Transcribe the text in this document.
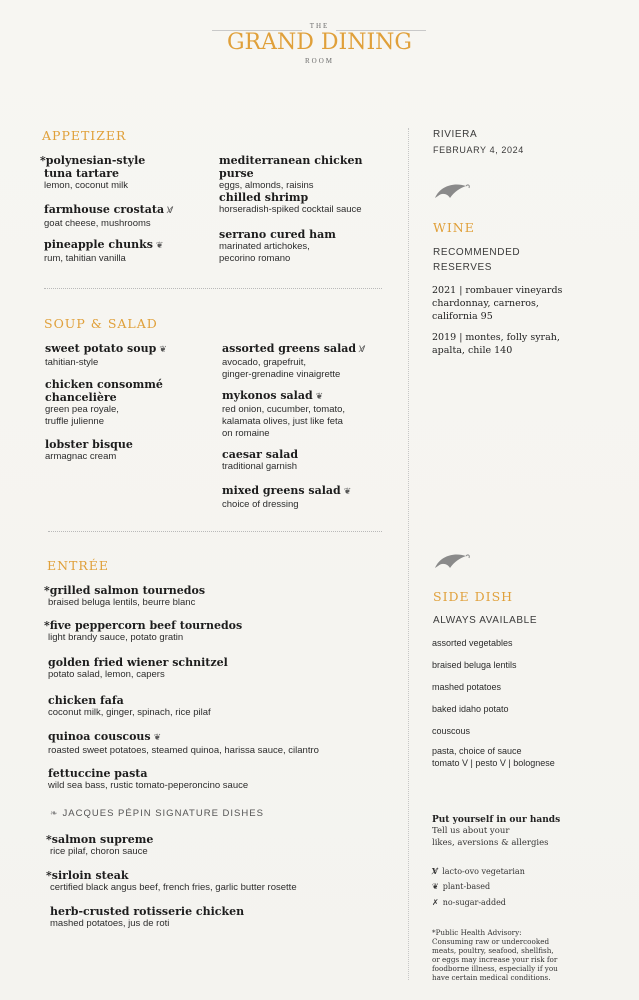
THE
GRAND DINING
ROOM
APPETIZER
*polynesian-style
tuna tartare
lemon, coconut milk
farmhouse crostata V̸
goat cheese, mushrooms
pineapple chunks ❦
rum, tahitian vanilla
mediterranean chicken purse
eggs, almonds, raisins
chilled shrimp
horseradish-spiked cocktail sauce
serrano cured ham
marinated artichokes,
pecorino romano
SOUP & SALAD
sweet potato soup ❦
tahitian-style
chicken consommé
chancelière
green pea royale,
truffle julienne
lobster bisque
armagnac cream
assorted greens salad V̸
avocado, grapefruit,
ginger-grenadine vinaigrette
mykonos salad ❦
red onion, cucumber, tomato,
kalamata olives, just like feta
on romaine
caesar salad
traditional garnish
mixed greens salad ❦
choice of dressing
ENTRÉE
*grilled salmon tournedos
braised beluga lentils, beurre blanc
*five peppercorn beef tournedos
light brandy sauce, potato gratin
golden fried wiener schnitzel
potato salad, lemon, capers
chicken fafa
coconut milk, ginger, spinach, rice pilaf
quinoa couscous ❦
roasted sweet potatoes, steamed quinoa, harissa sauce, cilantro
fettuccine pasta
wild sea bass, rustic tomato-peperoncino sauce
❧ JACQUES PÉPIN SIGNATURE DISHES
*salmon supreme
rice pilaf, choron sauce
*sirloin steak
certified black angus beef, french fries, garlic butter rosette
herb-crusted rotisserie chicken
mashed potatoes, jus de roti
RIVIERA
FEBRUARY 4, 2024
WINE
RECOMMENDED
RESERVES
2021 | rombauer vineyards
chardonnay, carneros,
california 95
2019 | montes, folly syrah,
apalta, chile 140
SIDE DISH
ALWAYS AVAILABLE
assorted vegetables
braised beluga lentils
mashed potatoes
baked idaho potato
couscous
pasta, choice of sauce
tomato V | pesto V | bolognese
Put yourself in our hands
Tell us about your
likes, aversions & allergies
V̸ lacto-ovo vegetarian
❦ plant-based
✗ no-sugar-added
*Public Health Advisory:
Consuming raw or undercooked
meats, poultry, seafood, shellfish,
or eggs may increase your risk for
foodborne illness, especially if you
have certain medical conditions.
